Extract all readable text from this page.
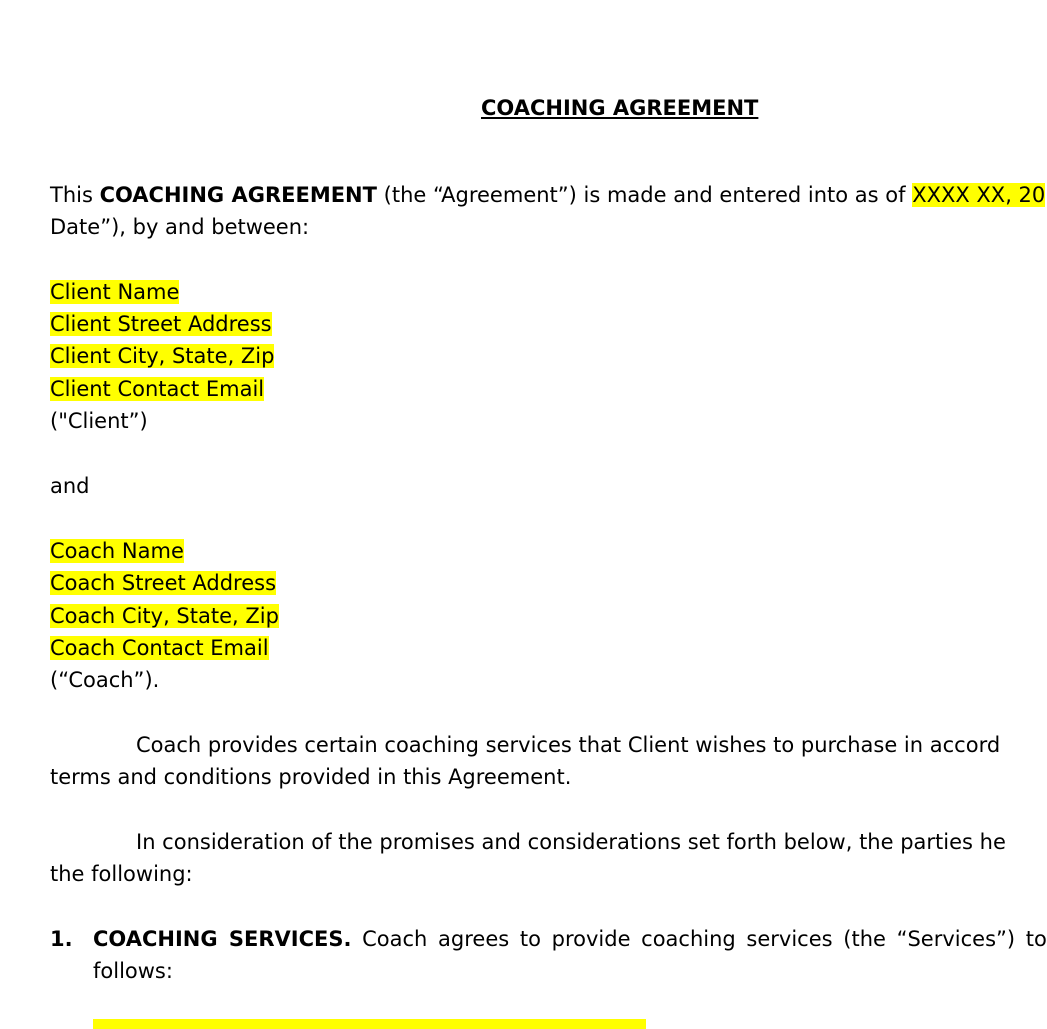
COACHING AGREEMENT
This COACHING AGREEMENT (the “Agreement”) is made and entered into as of XXXX XX, 20
Date”), by and between:
Client Name
Client Street Address
Client City, State, Zip
Client Contact Email
("Client”)
and
Coach Name
Coach Street Address
Coach City, State, Zip
Coach Contact Email
(“Coach”).
Coach provides certain coaching services that Client wishes to purchase in accord
terms and conditions provided in this Agreement.
In consideration of the promises and considerations set forth below, the parties he
the following:
1. COACHING SERVICES. Coach agrees to provide coaching services (the “Services”) to
follows:
